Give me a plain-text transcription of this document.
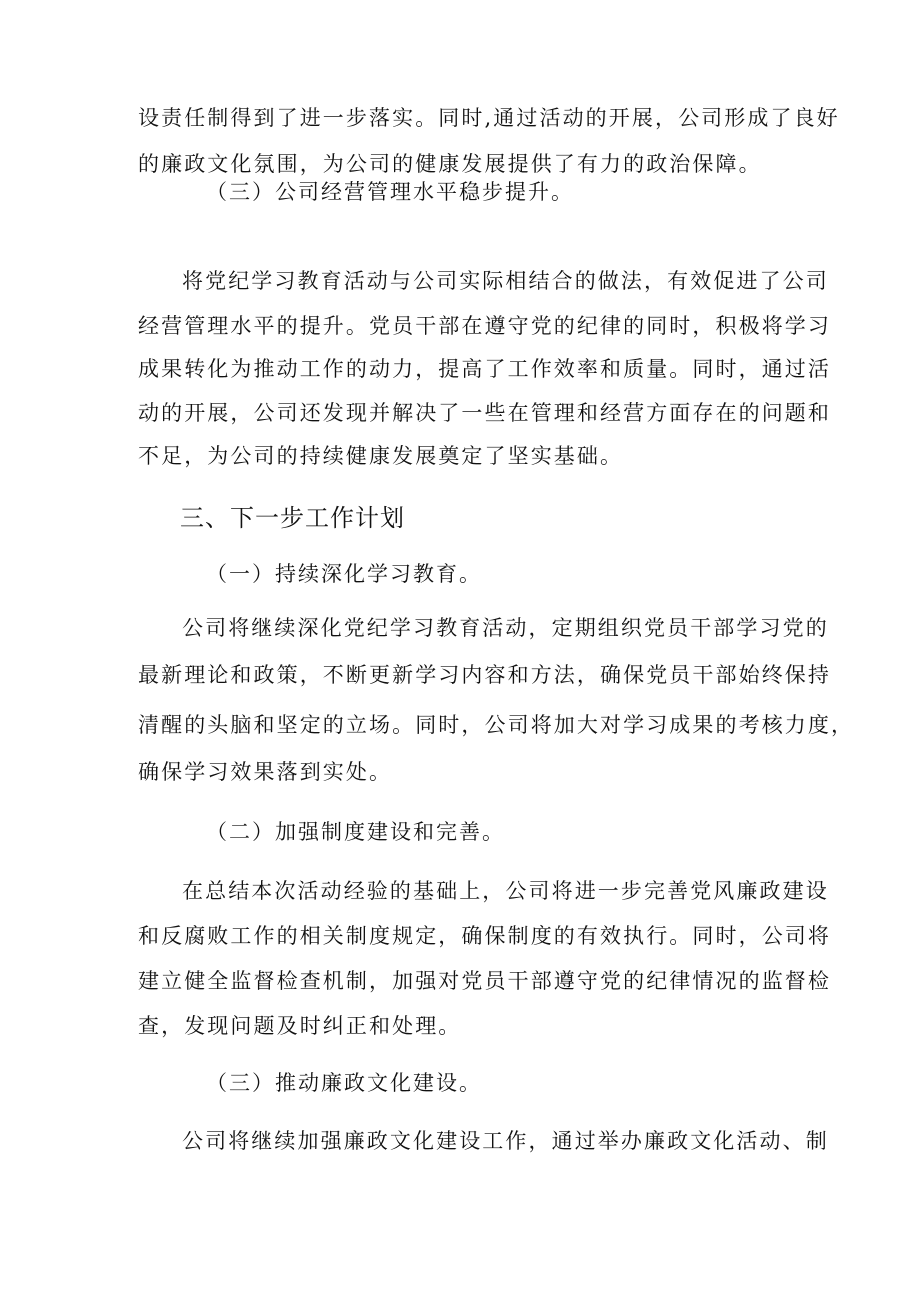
设责任制得到了进一步落实。同时,通过活动的开展，公司形成了良好
的廉政文化氛围，为公司的健康发展提供了有力的政治保障。
（三）公司经营管理水平稳步提升。
将党纪学习教育活动与公司实际相结合的做法，有效促进了公司
经营管理水平的提升。党员干部在遵守党的纪律的同时，积极将学习
成果转化为推动工作的动力，提高了工作效率和质量。同时，通过活
动的开展，公司还发现并解决了一些在管理和经营方面存在的问题和
不足，为公司的持续健康发展奠定了坚实基础。
三、下一步工作计划
（一）持续深化学习教育。
公司将继续深化党纪学习教育活动，定期组织党员干部学习党的
最新理论和政策，不断更新学习内容和方法，确保党员干部始终保持
清醒的头脑和坚定的立场。同时，公司将加大对学习成果的考核力度，
确保学习效果落到实处。
（二）加强制度建设和完善。
在总结本次活动经验的基础上，公司将进一步完善党风廉政建设
和反腐败工作的相关制度规定，确保制度的有效执行。同时，公司将
建立健全监督检查机制，加强对党员干部遵守党的纪律情况的监督检
查，发现问题及时纠正和处理。
（三）推动廉政文化建设。
公司将继续加强廉政文化建设工作，通过举办廉政文化活动、制
